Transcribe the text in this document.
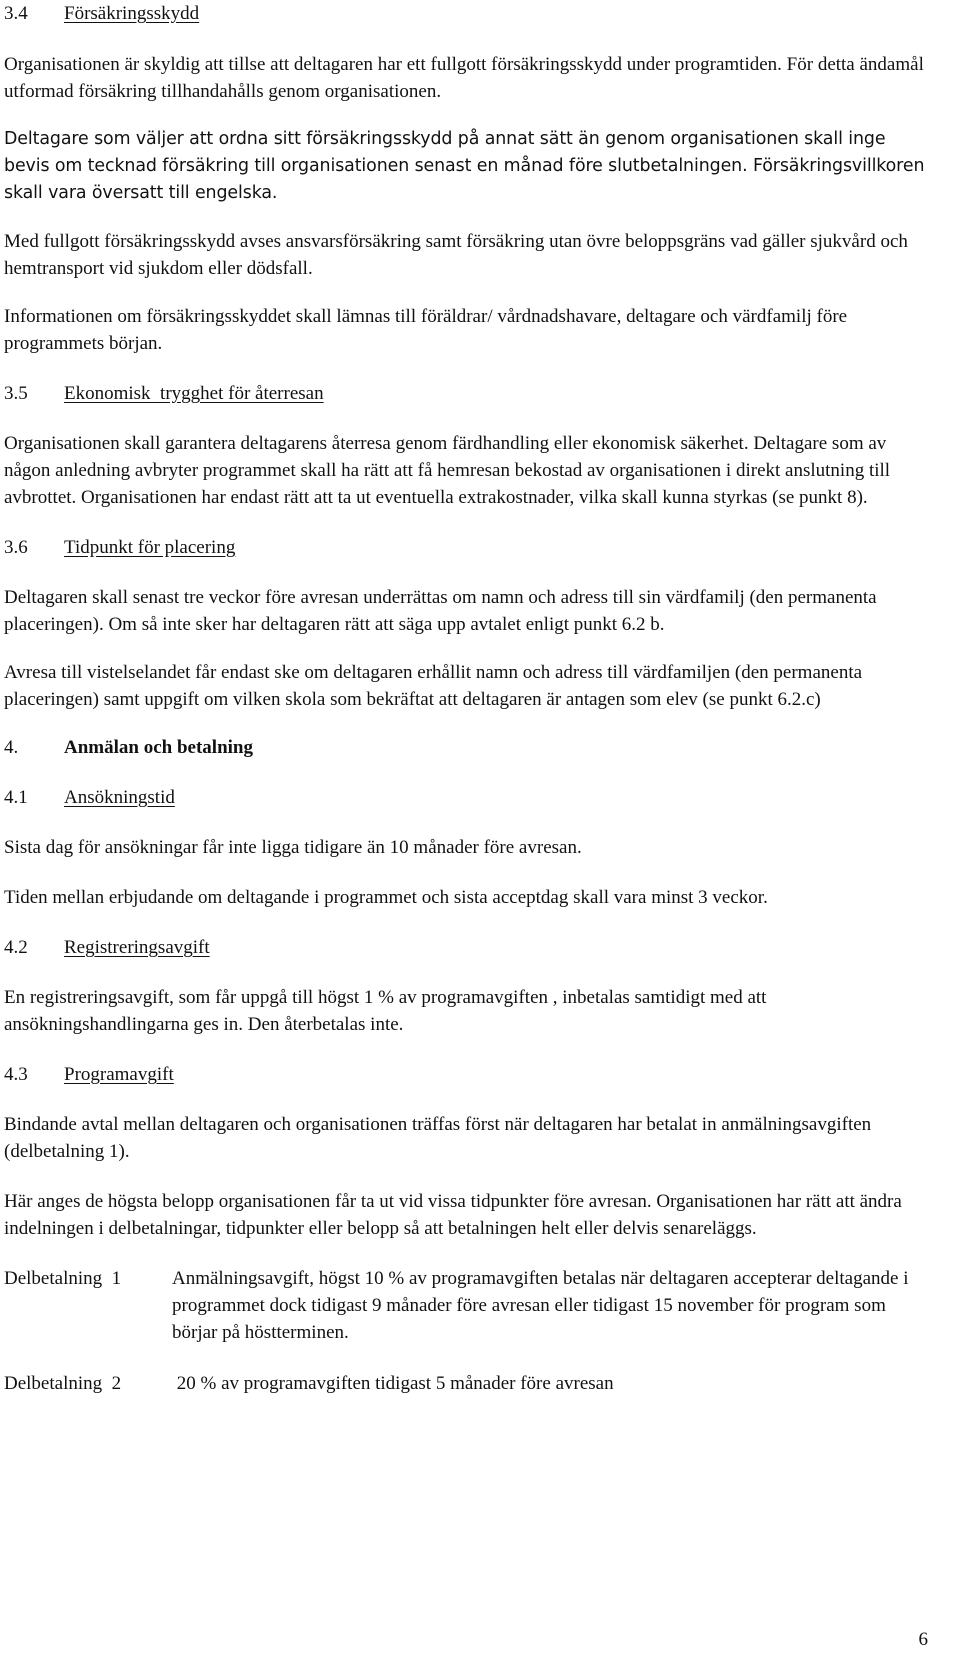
3.4	Försäkringsskydd

Organisationen är skyldig att tillse att deltagaren har ett fullgott försäkringsskydd under programtiden. För detta ändamål utformad försäkring tillhandahålls genom organisationen.

Deltagare som väljer att ordna sitt försäkringsskydd på annat sätt än genom organisationen skall inge bevis om tecknad försäkring till organisationen senast en månad före slutbetalningen. Försäkringsvillkoren skall vara översatt till engelska.

Med fullgott försäkringsskydd avses ansvarsförsäkring samt försäkring utan övre beloppsgräns vad gäller sjukvård och hemtransport vid sjukdom eller dödsfall.

Informationen om försäkringsskyddet skall lämnas till föräldrar/ vårdnadshavare, deltagare och värdfamilj före programmets början.

3.5	Ekonomisk  trygghet för återresan

Organisationen skall garantera deltagarens återresa genom färdhandling eller ekonomisk säkerhet. Deltagare som av någon anledning avbryter programmet skall ha rätt att få hemresan bekostad av organisationen i direkt anslutning till avbrottet. Organisationen har endast rätt att ta ut eventuella extrakostnader, vilka skall kunna styrkas (se punkt 8).

3.6	Tidpunkt för placering

Deltagaren skall senast tre veckor före avresan underrättas om namn och adress till sin värdfamilj (den permanenta placeringen). Om så inte sker har deltagaren rätt att säga upp avtalet enligt punkt 6.2 b.

Avresa till vistelselandet får endast ske om deltagaren erhållit namn och adress till värdfamiljen (den permanenta placeringen) samt uppgift om vilken skola som bekräftat att deltagaren är antagen som elev (se punkt 6.2.c)

4.	Anmälan och betalning
4.1	Ansökningstid

Sista dag för ansökningar får inte ligga tidigare än 10 månader före avresan.

Tiden mellan erbjudande om deltagande i programmet och sista acceptdag skall vara minst 3 veckor.

4.2	Registreringsavgift

En registreringsavgift, som får uppgå till högst 1 % av programavgiften , inbetalas samtidigt med att ansökningshandlingarna ges in. Den återbetalas inte.

4.3	Programavgift

Bindande avtal mellan deltagaren och organisationen träffas först när deltagaren har betalat in anmälningsavgiften (delbetalning 1).

Här anges de högsta belopp organisationen får ta ut vid vissa tidpunkter före avresan. Organisationen har rätt att ändra indelningen i delbetalningar, tidpunkter eller belopp så att betalningen helt eller delvis senareläggs.

Delbetalning  1	Anmälningsavgift, högst 10 % av programavgiften betalas när deltagaren accepterar deltagande i programmet dock tidigast 9 månader före avresan eller tidigast 15 november för program som börjar på höstterminen.
Delbetalning  2	20 % av programavgiften tidigast 5 månader före avresan
6
